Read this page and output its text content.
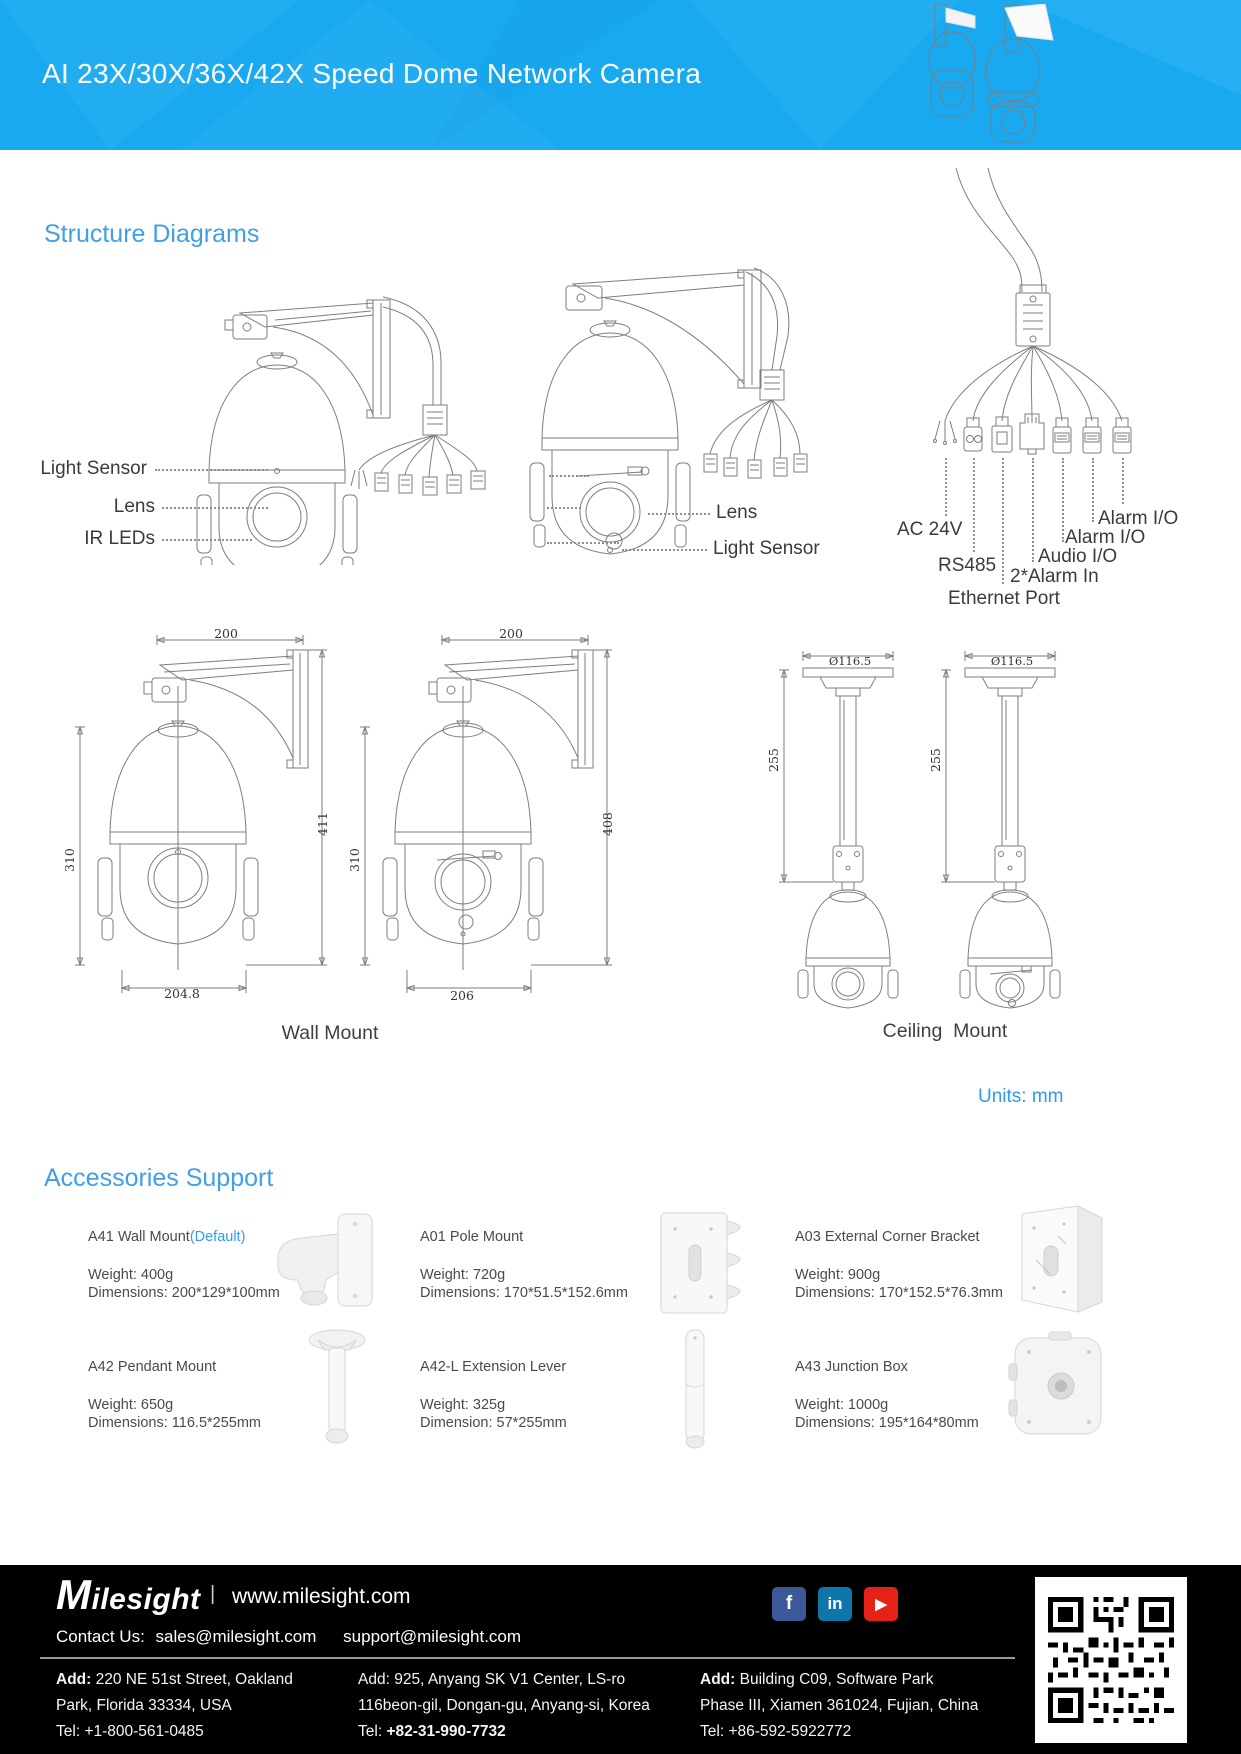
AI 23X/30X/36X/42X Speed Dome Network Camera
Structure Diagrams
Light Sensor
Lens
IR LEDs
Lens
Light Sensor
AC 24V
RS485
Ethernet Port
2*Alarm In
Audio I/O
Alarm I/O
Alarm I/O
200
310
411
204.8
200
310
408
206
Ø116.5
255
Ø116.5
255
Wall Mount	Ceiling  Mount
Units: mm
Accessories Support
A41 Wall Mount(Default)
Weight: 400g
Dimensions: 200*129*100mm
A01 Pole Mount
Weight: 720g
Dimensions: 170*51.5*152.6mm
A03 External Corner Bracket
Weight: 900g
Dimensions: 170*152.5*76.3mm
A42 Pendant Mount
Weight: 650g
Dimensions: 116.5*255mm
A42-L Extension Lever
Weight: 325g
Dimension: 57*255mm
A43 Junction Box
Weight: 1000g
Dimensions: 195*164*80mm
Milesight | www.milesight.com
Contact Us: sales@milesight.com support@milesight.com
f in ▶
Add: 220 NE 51st Street, Oakland
Park, Florida 33334, USA
Tel: +1-800-561-0485
Add: 925, Anyang SK V1 Center, LS-ro
116beon-gil, Dongan-gu, Anyang-si, Korea
Tel: +82-31-990-7732
Add: Building C09, Software Park
Phase III, Xiamen 361024, Fujian, China
Tel: +86-592-5922772
